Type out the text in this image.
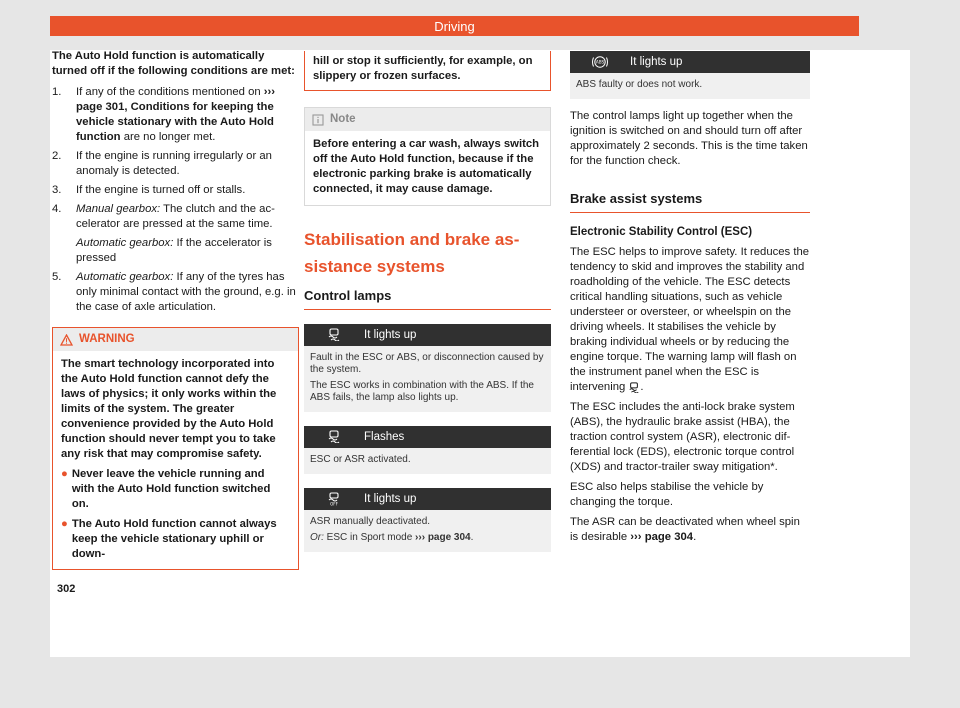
Driving

The Auto Hold function is automatically turned off if the following conditions are met:

1.	If any of the conditions mentioned on ››› page 301, Conditions for keeping the vehicle stationary with the Auto Hold function are no longer met.
2.	If the engine is running irregularly or an anomaly is detected.
3.	If the engine is turned off or stalls.
4.	Manual gearbox: The clutch and the accelerator are pressed at the same time.
Automatic gearbox: If the accelerator is pressed
5.	Automatic gearbox: If any of the tyres has only minimal contact with the ground, e.g. in the case of axle articulation.
WARNING
The smart technology incorporated into the Auto Hold function cannot defy the laws of physics; it only works within the limits of the system. The greater convenience provided by the Auto Hold function should never tempt you to take any risk that may compromise safety.
● Never leave the vehicle running and with the Auto Hold function switched on.
● The Auto Hold function cannot always keep the vehicle stationary uphill or down-
hill or stop it sufficiently, for example, on slippery or frozen surfaces.
Note
Before entering a car wash, always switch off the Auto Hold function, because if the electronic parking brake is automatically connected, it may cause damage.
Stabilisation and brake assistance systems
Control lamps
It lights up

Fault in the ESC or ABS, or disconnection caused by the system.

The ESC works in combination with the ABS. If the ABS fails, the lamp also lights up.

Flashes

ESC or ASR activated.

OFF It lights up

ASR manually deactivated.

Or: ESC in Sport mode ››› page 304.

ABS It lights up

ABS faulty or does not work.

The control lamps light up together when the ignition is switched on and should turn off after approximately 2 seconds. This is the time taken for the function check.

Brake assist systems
Electronic Stability Control (ESC)

The ESC helps to improve safety. It reduces the tendency to skid and improves the stability and roadholding of the vehicle. The ESC detects critical handling situations, such as vehicle understeer or oversteer, or wheelspin on the driving wheels. It stabilises the vehicle by braking individual wheels or by reducing the engine torque. The warning lamp will flash on the instrument panel when the ESC is intervening .

The ESC includes the anti-lock brake system (ABS), the hydraulic brake assist (HBA), the traction control system (ASR), electronic differential lock (EDS), electronic torque control (XDS) and tractor-trailer sway mitigation*.

ESC also helps stabilise the vehicle by changing the torque.

The ASR can be deactivated when wheel spin is desirable ››› page 304.

302
